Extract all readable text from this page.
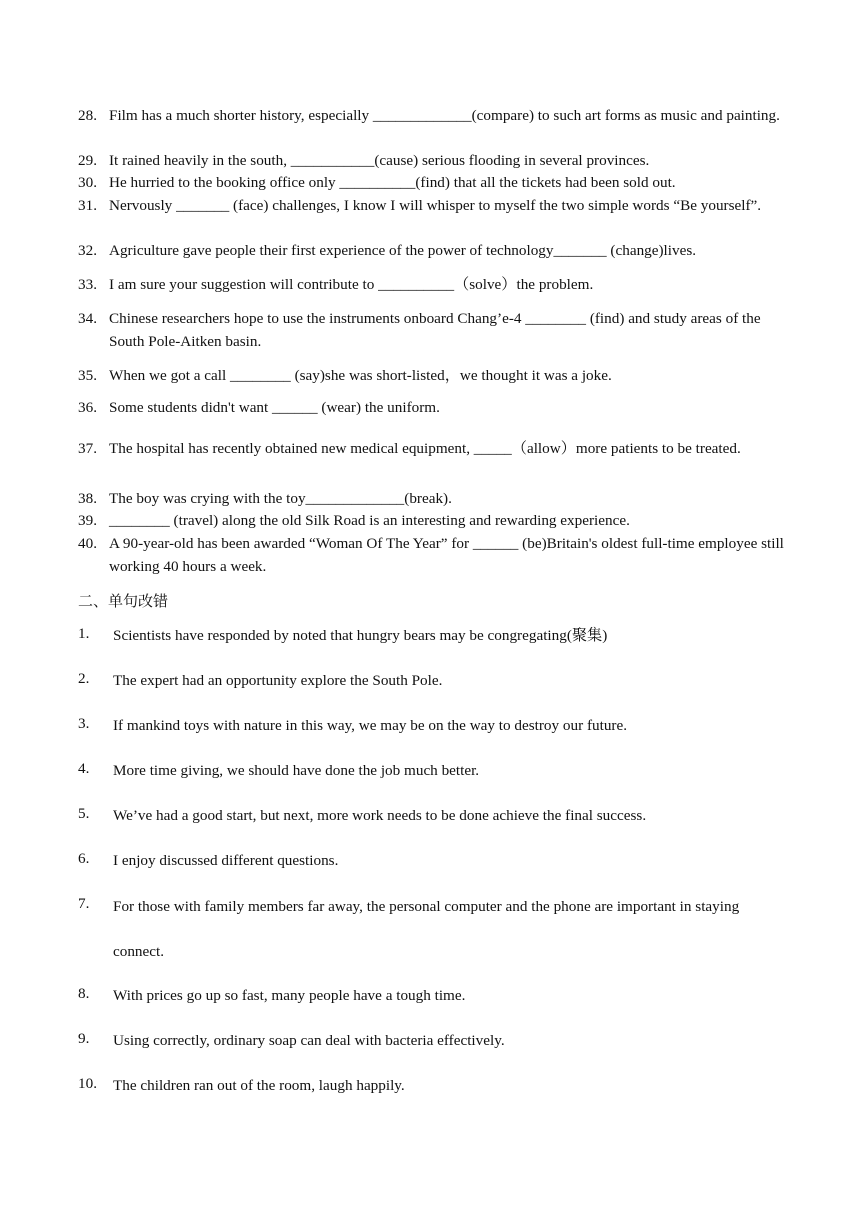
28. Film has a much shorter history, especially _____________(compare) to such art forms as music and painting.
29. It rained heavily in the south, ___________(cause) serious flooding in several provinces.
30. He hurried to the booking office only __________(find) that all the tickets had been sold out.
31. Nervously _______ (face) challenges, I know I will whisper to myself the two simple words “Be yourself”.
32. Agriculture gave people their first experience of the power of technology_______ (change)lives.
33. I am sure your suggestion will contribute to __________（solve）the problem.
34. Chinese researchers hope to use the instruments onboard Chang’e-4 ________ (find) and study areas of the South Pole-Aitken basin.
35. When we got a call ________ (say)she was short-listed，we thought it was a joke.
36. Some students didn't want ______ (wear) the uniform.
37. The hospital has recently obtained new medical equipment, _____（allow）more patients to be treated.
38. The boy was crying with the toy_____________(break).
39. ________ (travel) along the old Silk Road is an interesting and rewarding experience.
40. A 90-year-old has been awarded “Woman Of The Year” for ______ (be)Britain's oldest full-time employee still working 40 hours a week.
二、单句改错
1. Scientists have responded by noted that hungry bears may be congregating(聚集)
2. The expert had an opportunity explore the South Pole.
3. If mankind toys with nature in this way, we may be on the way to destroy our future.
4. More time giving, we should have done the job much better.
5. We’ve had a good start, but next, more work needs to be done achieve the final success.
6. I enjoy discussed different questions.
7. For those with family members far away, the personal computer and the phone are important in staying connect.
8. With prices go up so fast, many people have a tough time.
9. Using correctly, ordinary soap can deal with bacteria effectively.
10. The children ran out of the room, laugh happily.
